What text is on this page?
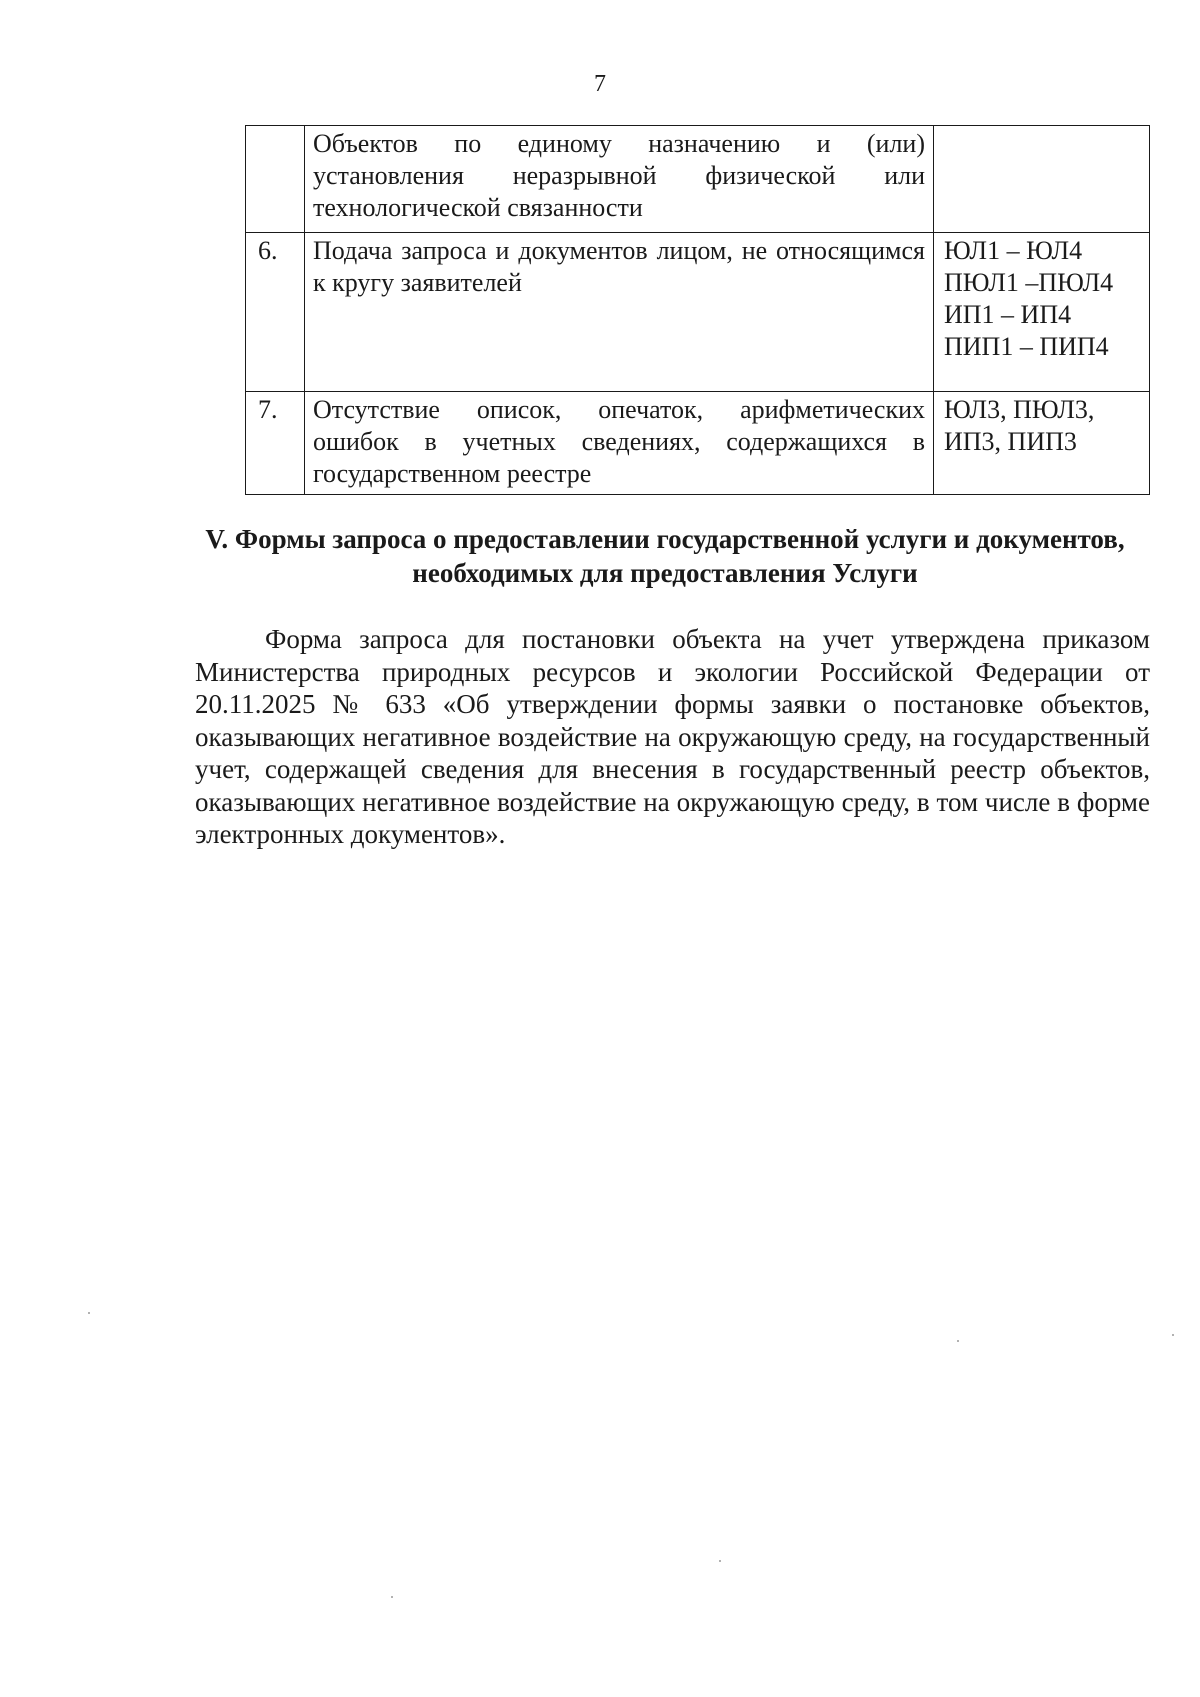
7
	Объектов по единому назначению и (или) установления неразрывной физической или технологической связанности	
6.	Подача запроса и документов лицом, не относящимся к кругу заявителей	ЮЛ1 – ЮЛ4
ПЮЛ1 –ПЮЛ4
ИП1 – ИП4
ПИП1 – ПИП4

7.	Отсутствие описок, опечаток, арифметических ошибок в учетных сведениях, содержащихся в государственном реестре	ЮЛ3, ПЮЛ3,
ИП3, ПИП3
V. Формы запроса о предоставлении государственной услуги и документов, необходимых для предоставления Услуги

Форма запроса для постановки объекта на учет утверждена приказом Министерства природных ресурсов и экологии Российской Федерации от 20.11.2025 № 633 «Об утверждении формы заявки о постановке объектов, оказывающих негативное воздействие на окружающую среду, на государственный учет, содержащей сведения для внесения в государственный реестр объектов, оказывающих негативное воздействие на окружающую среду, в том числе в форме электронных документов».
